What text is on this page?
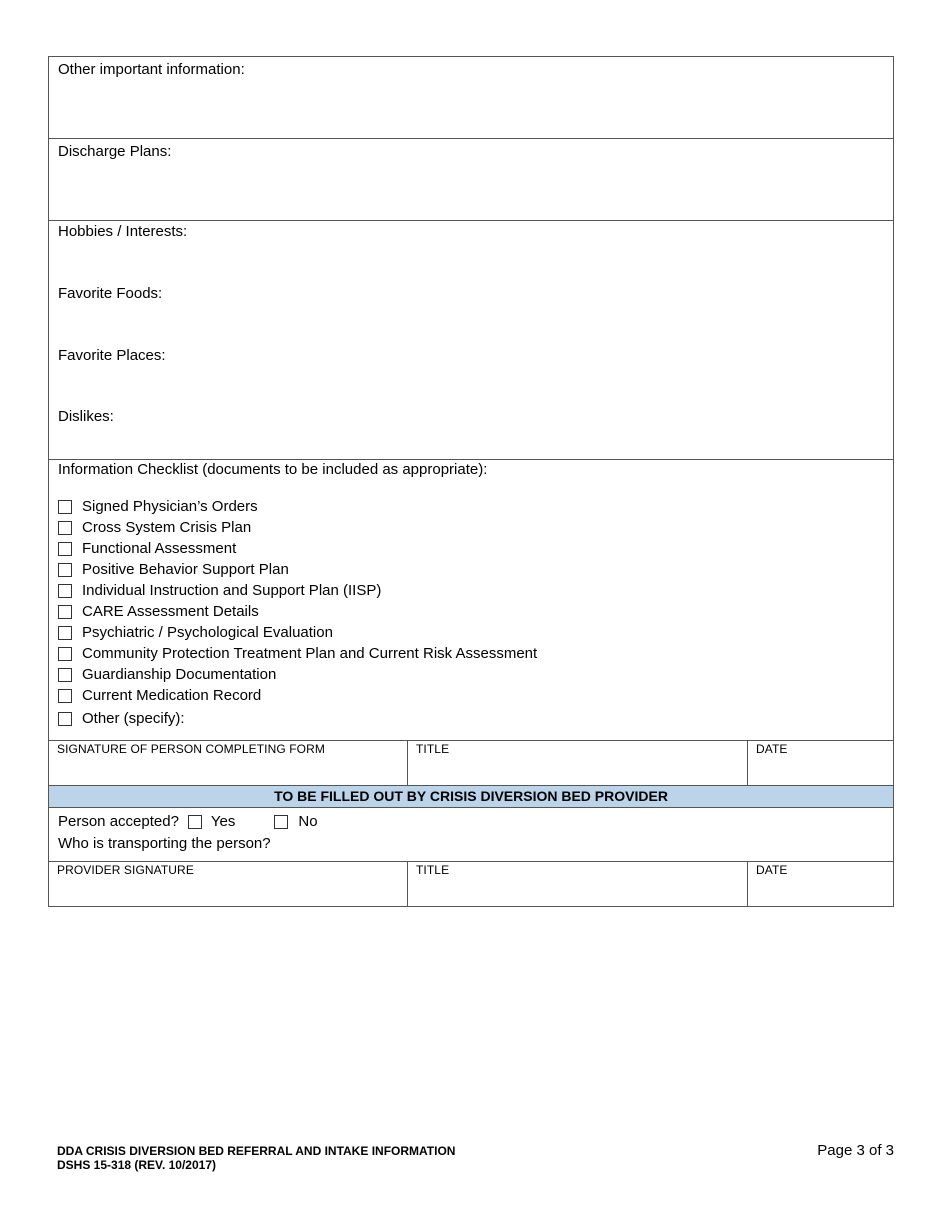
Other important information:
Discharge Plans:
Hobbies / Interests:
Favorite Foods:
Favorite Places:
Dislikes:
Information Checklist (documents to be included as appropriate):
Signed Physician’s Orders
Cross System Crisis Plan
Functional Assessment
Positive Behavior Support Plan
Individual Instruction and Support Plan (IISP)
CARE Assessment Details
Psychiatric / Psychological Evaluation
Community Protection Treatment Plan and Current Risk Assessment
Guardianship Documentation
Current Medication Record
Other (specify):
SIGNATURE OF PERSON COMPLETING FORM	TITLE	DATE
TO BE FILLED OUT BY CRISIS DIVERSION BED PROVIDER
Person accepted? Yes	No
Who is transporting the person?
PROVIDER SIGNATURE	TITLE	DATE
DDA CRISIS DIVERSION BED REFERRAL AND INTAKE INFORMATION
DSHS 15-318 (REV. 10/2017)
Page 3 of 3
